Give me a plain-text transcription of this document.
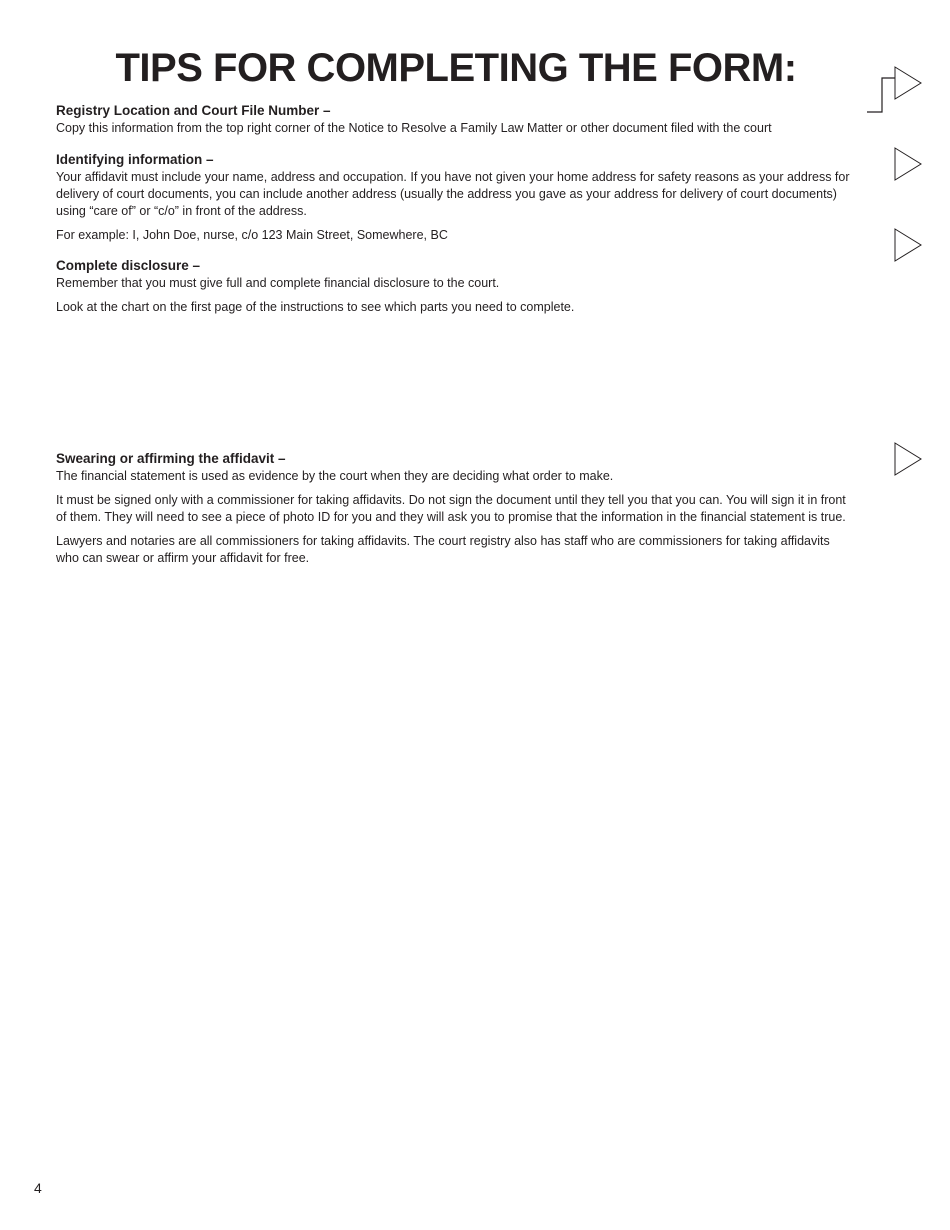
TIPS FOR COMPLETING THE FORM:
Registry Location and Court File Number –

Copy this information from the top right corner of the Notice to Resolve a Family Law Matter or other document filed with the court

Identifying information –

Your affidavit must include your name, address and occupation. If you have not given your home address for safety reasons as your address for delivery of court documents, you can include another address (usually the address you gave as your address for delivery of court documents) using “care of” or “c/o” in front of the address.

For example: I, John Doe, nurse, c/o 123 Main Street, Somewhere, BC

Complete disclosure –

Remember that you must give full and complete financial disclosure to the court.

Look at the chart on the first page of the instructions to see which parts you need to complete.

Swearing or affirming the affidavit –

The financial statement is used as evidence by the court when they are deciding what order to make.

It must be signed only with a commissioner for taking affidavits. Do not sign the document until they tell you that you can. You will sign it in front of them. They will need to see a piece of photo ID for you and they will ask you to promise that the information in the financial statement is true.

Lawyers and notaries are all commissioners for taking affidavits. The court registry also has staff who are commissioners for taking affidavits who can swear or affirm your affidavit for free.

4
